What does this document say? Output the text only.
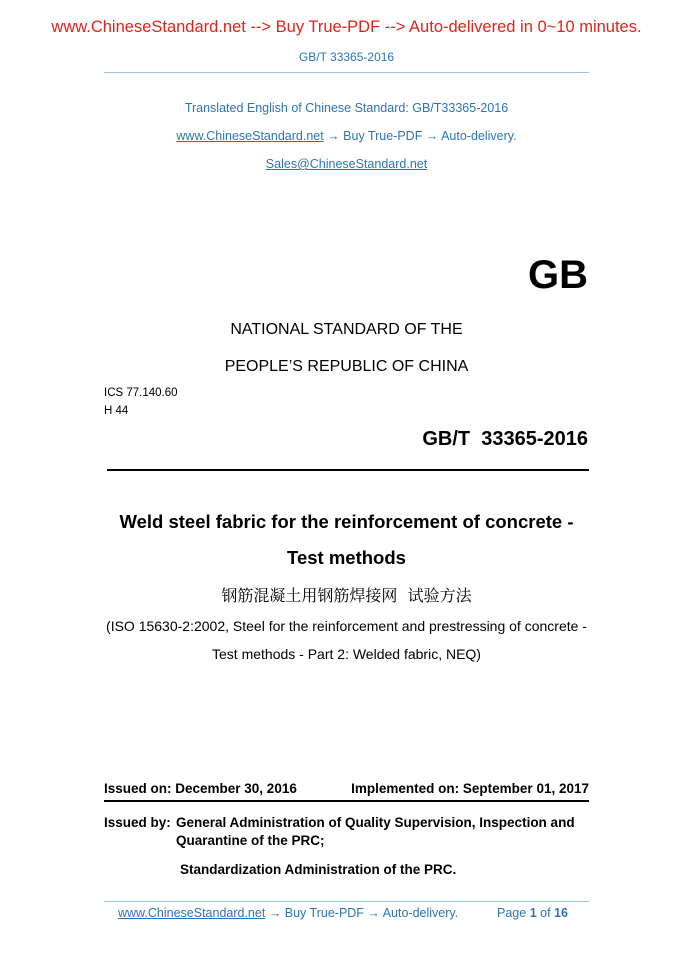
www.ChineseStandard.net --> Buy True-PDF --> Auto-delivered in 0~10 minutes.
GB/T 33365-2016
Translated English of Chinese Standard: GB/T33365-2016
www.ChineseStandard.net → Buy True-PDF → Auto-delivery.
Sales@ChineseStandard.net
GB
NATIONAL STANDARD OF THE
PEOPLE’S REPUBLIC OF CHINA
ICS 77.140.60
H 44
GB/T  33365-2016
Weld steel fabric for the reinforcement of concrete -
Test methods
钢筋混凝土用钢筋焊接网  试验方法
(ISO 15630-2:2002, Steel for the reinforcement and prestressing of concrete -
Test methods - Part 2: Welded fabric, NEQ)
Issued on: December 30, 2016	Implemented on: September 01, 2017
Issued by: General Administration of Quality Supervision, Inspection and
Quarantine of the PRC;
Standardization Administration of the PRC.
www.ChineseStandard.net → Buy True-PDF → Auto-delivery.	Page 1 of 16
